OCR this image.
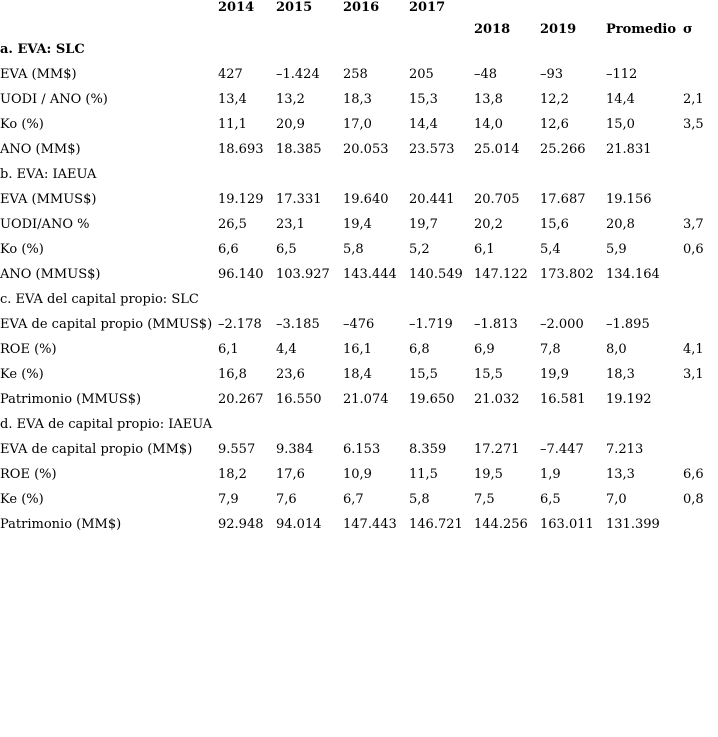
	2014	2015	2016	2017	2018	2019	Promedio	σ
a. EVA: SLC								
EVA (MM$)	427	–1.424	258	205	–48	–93	–112	
UODI / ANO (%)	13,4	13,2	18,3	15,3	13,8	12,2	14,4	2,1
Ko (%)	11,1	20,9	17,0	14,4	14,0	12,6	15,0	3,5
ANO (MM$)	18.693	18.385	20.053	23.573	25.014	25.266	21.831	
b. EVA: IAEUA								
EVA (MMUS$)	19.129	17.331	19.640	20.441	20.705	17.687	19.156	
UODI/ANO %	26,5	23,1	19,4	19,7	20,2	15,6	20,8	3,7
Ko (%)	6,6	6,5	5,8	5,2	6,1	5,4	5,9	0,6
ANO (MMUS$)	96.140	103.927	143.444	140.549	147.122	173.802	134.164	
c. EVA del capital propio: SLC								
EVA de capital propio (MMUS$)	–2.178	–3.185	–476	–1.719	–1.813	–2.000	–1.895	
ROE (%)	6,1	4,4	16,1	6,8	6,9	7,8	8,0	4,1
Ke (%)	16,8	23,6	18,4	15,5	15,5	19,9	18,3	3,1
Patrimonio (MMUS$)	20.267	16.550	21.074	19.650	21.032	16.581	19.192	
d. EVA de capital propio: IAEUA								
EVA de capital propio (MM$)	9.557	9.384	6.153	8.359	17.271	–7.447	7.213	
ROE (%)	18,2	17,6	10,9	11,5	19,5	1,9	13,3	6,6
Ke (%)	7,9	7,6	6,7	5,8	7,5	6,5	7,0	0,8
Patrimonio (MM$)	92.948	94.014	147.443	146.721	144.256	163.011	131.399	
